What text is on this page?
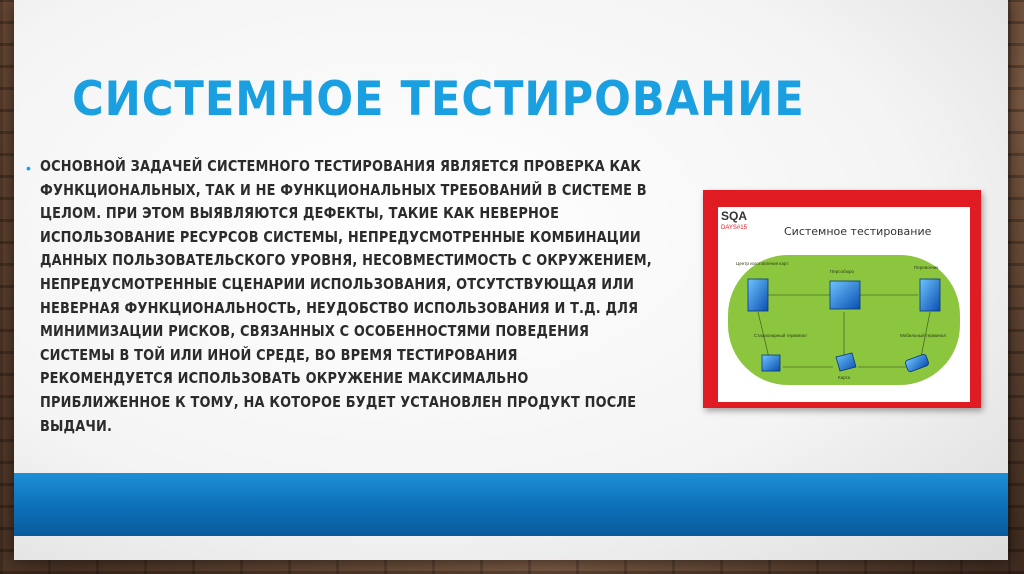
СИСТЕМНОЕ ТЕСТИРОВАНИЕ
• ОСНОВНОЙ ЗАДАЧЕЙ СИСТЕМНОГО ТЕСТИРОВАНИЯ ЯВЛЯЕТСЯ ПРОВЕРКА КАК ФУНКЦИОНАЛЬНЫХ, ТАК И НЕ ФУНКЦИОНАЛЬНЫХ ТРЕБОВАНИЙ В СИСТЕМЕ В ЦЕЛОМ. ПРИ ЭТОМ ВЫЯВЛЯЮТСЯ ДЕФЕКТЫ, ТАКИЕ КАК НЕВЕРНОЕ ИСПОЛЬЗОВАНИЕ РЕСУРСОВ СИСТЕМЫ, НЕПРЕДУСМОТРЕННЫЕ КОМБИНАЦИИ ДАННЫХ ПОЛЬЗОВАТЕЛЬСКОГО УРОВНЯ, НЕСОВМЕСТИМОСТЬ С ОКРУЖЕНИЕМ, НЕПРЕДУСМОТРЕННЫЕ СЦЕНАРИИ ИСПОЛЬЗОВАНИЯ, ОТСУТСТВУЮЩАЯ ИЛИ НЕВЕРНАЯ ФУНКЦИОНАЛЬНОСТЬ, НЕУДОБСТВО ИСПОЛЬЗОВАНИЯ И Т.Д. ДЛЯ МИНИМИЗАЦИИ РИСКОВ, СВЯЗАННЫХ С ОСОБЕННОСТЯМИ ПОВЕДЕНИЯ СИСТЕМЫ В ТОЙ ИЛИ ИНОЙ СРЕДЕ, ВО ВРЕМЯ ТЕСТИРОВАНИЯ РЕКОМЕНДУЕТСЯ ИСПОЛЬЗОВАТЬ ОКРУЖЕНИЕ МАКСИМАЛЬНО ПРИБЛИЖЕННОЕ К ТОМУ, НА КОТОРОЕ БУДЕТ УСТАНОВЛЕН ПРОДУКТ ПОСЛЕ ВЫДАЧИ.

SQA
DAYS#15	Системное тестирование
Центр изготовления карт
Персобюро
Перевозчик
Стационарный терминал
Карта
Мобильный терминал
